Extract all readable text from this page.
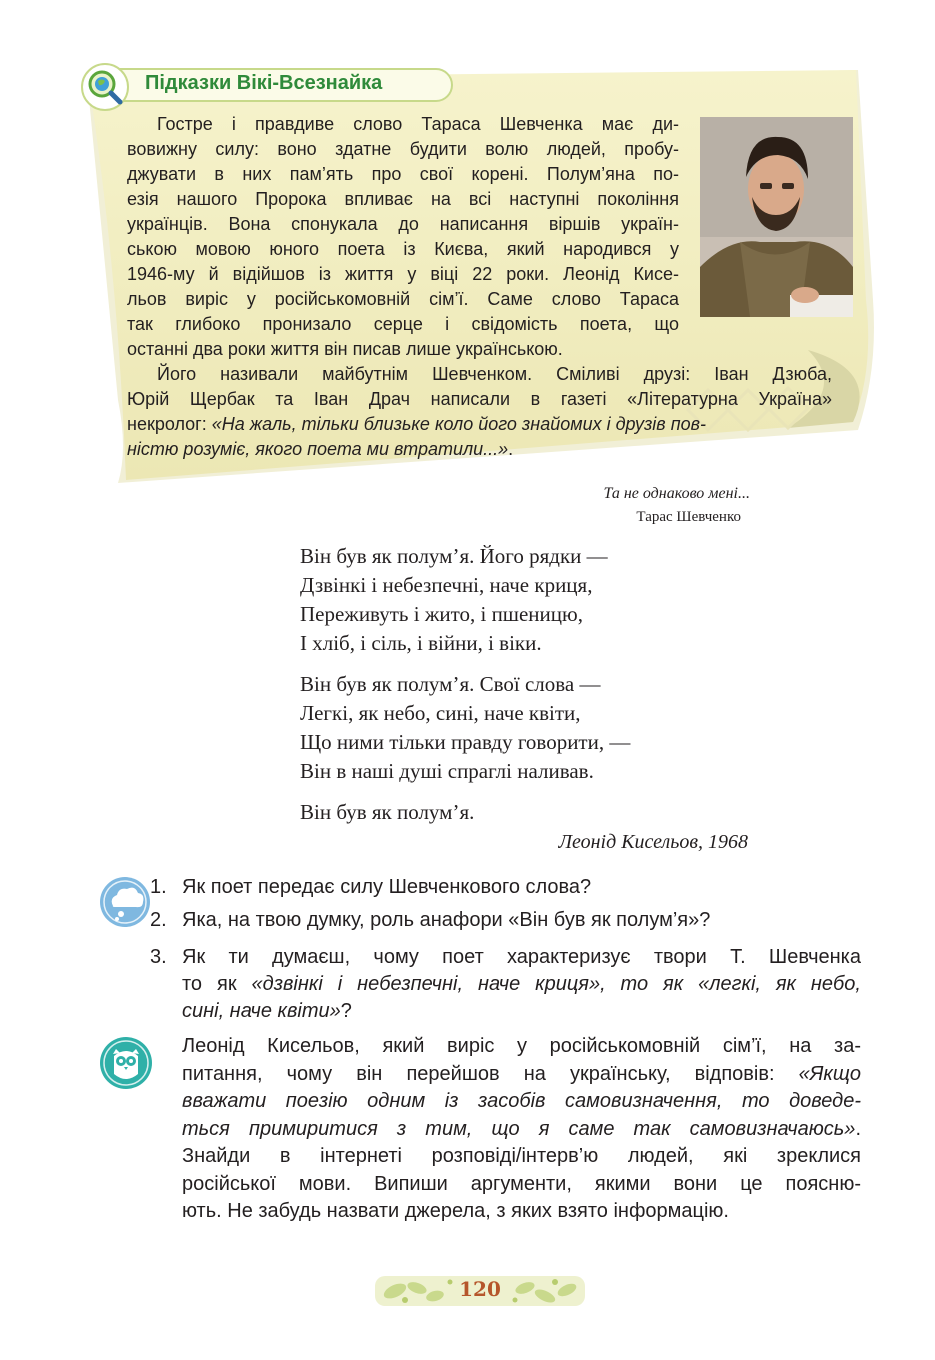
Підказки Вікі-Всезнайка
Гостре і правдиве слово Тараса Шевченка має ди-
вовижну силу: воно здатне будити волю людей, пробу-
джувати в них пам’ять про свої корені. Полум’яна по-
езія нашого Пророка впливає на всі наступні покоління
українців. Вона спонукала до написання віршів україн-
ською мовою юного поета із Києва, який народився у
1946-му й відійшов із життя у віці 22 роки. Леонід Кисе-
льов виріс у російськомовній сім’ї. Саме слово Тараса
так глибоко пронизало серце і свідомість поета, що
останні два роки життя він писав лише українською.
Його називали майбутнім Шевченком. Сміливі друзі: Іван Дзюба,
Юрій Щербак та Іван Драч написали в газеті «Літературна Україна»
некролог: «На жаль, тільки близьке коло його знайомих і друзів пов-
ністю розуміє, якого поета ми втратили...».
Та не однаково мені...
Тарас Шевченко
Він був як полум’я. Його рядки —
Дзвінкі і небезпечні, наче криця,
Переживуть і жито, і пшеницю,
І хліб, і сіль, і війни, і віки.
Він був як полум’я. Свої слова —
Легкі, як небо, сині, наче квіти,
Що ними тільки правду говорити, —
Він в наші душі спраглі наливав.
Він був як полум’я.
Леонід Кисельов, 1968
1. Як поет передає силу Шевченкового слова?
2. Яка, на твою думку, роль анафори «Він був як полум’я»?
3. Як ти думаєш, чому поет характеризує твори Т. Шевченка
то як «дзвінкі і небезпечні, наче криця», то як «легкі, як небо,
сині, наче квіти»?
Леонід Кисельов, який виріс у російськомовній сім’ї, на за-
питання, чому він перейшов на українську, відповів: «Якщо
вважати поезію одним із засобів самовизначення, то доведе-
ться примиритися з тим, що я саме так самовизначаюсь».
Знайди в інтернеті розповіді/інтерв’ю людей, які зреклися
російської мови. Випиши аргументи, якими вони це поясню-
ють. Не забудь назвати джерела, з яких взято інформацію.
120
